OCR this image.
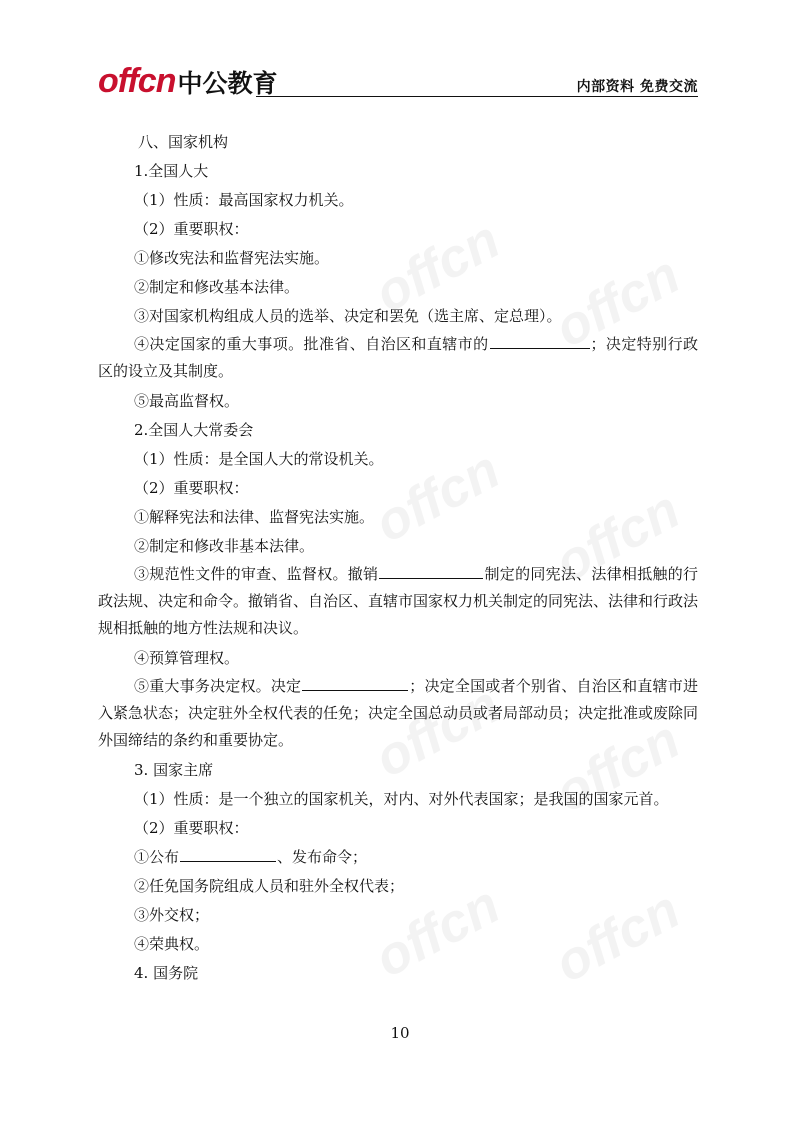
offcn 中公教育	内部资料 免费交流
八、国家机构
1.全国人大
（1）性质：最高国家权力机关。
（2）重要职权：
①修改宪法和监督宪法实施。
②制定和修改基本法律。
③对国家机构组成人员的选举、决定和罢免（选主席、定总理）。

④决定国家的重大事项。批准省、自治区和直辖市的	；决定特别行政区的设立及其制度。

⑤最高监督权。
2.全国人大常委会
（1）性质：是全国人大的常设机关。
（2）重要职权：
①解释宪法和法律、监督宪法实施。
②制定和修改非基本法律。

③规范性文件的审查、监督权。撤销	制定的同宪法、法律相抵触的行政法规、决定和命令。撤销省、自治区、直辖市国家权力机关制定的同宪法、法律和行政法规相抵触的地方性法规和决议。

④预算管理权。

⑤重大事务决定权。决定	；决定全国或者个别省、自治区和直辖市进入紧急状态；决定驻外全权代表的任免；决定全国总动员或者局部动员；决定批准或废除同外国缔结的条约和重要协定。

3. 国家主席
（1）性质：是一个独立的国家机关，对内、对外代表国家；是我国的国家元首。
（2）重要职权：
①公布	、发布命令；
②任免国务院组成人员和驻外全权代表；
③外交权；
④荣典权。
4. 国务院
10
